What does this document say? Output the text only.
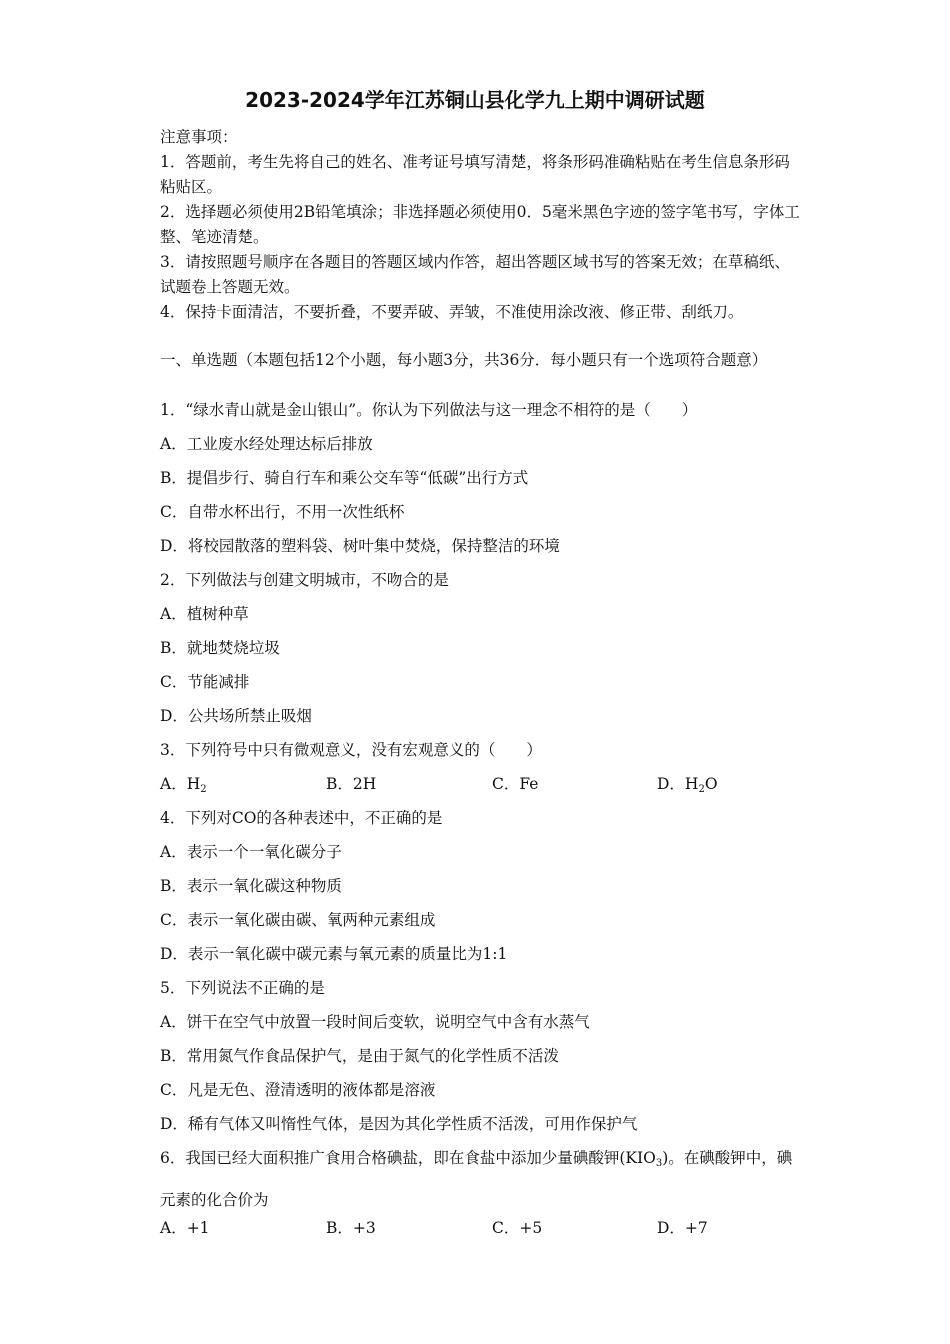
2023-2024学年江苏铜山县化学九上期中调研试题
注意事项：
1．答题前，考生先将自己的姓名、准考证号填写清楚，将条形码准确粘贴在考生信息条形码粘贴区。
2．选择题必须使用2B铅笔填涂；非选择题必须使用0．5毫米黑色字迹的签字笔书写，字体工整、笔迹清楚。
3．请按照题号顺序在各题目的答题区域内作答，超出答题区域书写的答案无效；在草稿纸、试题卷上答题无效。
4．保持卡面清洁，不要折叠，不要弄破、弄皱，不准使用涂改液、修正带、刮纸刀。
一、单选题（本题包括12个小题，每小题3分，共36分．每小题只有一个选项符合题意）
1．“绿水青山就是金山银山”。你认为下列做法与这一理念不相符的是（　　）
A．工业废水经处理达标后排放
B．提倡步行、骑自行车和乘公交车等“低碳”出行方式
C．自带水杯出行，不用一次性纸杯
D．将校园散落的塑料袋、树叶集中焚烧，保持整洁的环境
2．下列做法与创建文明城市，不吻合的是
A．植树种草
B．就地焚烧垃圾
C．节能减排
D．公共场所禁止吸烟
3．下列符号中只有微观意义，没有宏观意义的（　　）
A．$H_2$	B．2H	C．Fe	D．$H_2O$
4．下列对CO的各种表述中，不正确的是
A．表示一个一氧化碳分子
B．表示一氧化碳这种物质
C．表示一氧化碳由碳、氧两种元素组成
D．表示一氧化碳中碳元素与氧元素的质量比为1:1
5．下列说法不正确的是
A．饼干在空气中放置一段时间后变软，说明空气中含有水蒸气
B．常用氮气作食品保护气，是由于氮气的化学性质不活泼
C．凡是无色、澄清透明的液体都是溶液
D．稀有气体又叫惰性气体，是因为其化学性质不活泼，可用作保护气
6．我国已经大面积推广食用合格碘盐，即在食盐中添加少量碘酸钾$(KIO_3)$。在碘酸钾中，碘元素的化合价为
A．+1	B．+3	C．+5	D．+7
